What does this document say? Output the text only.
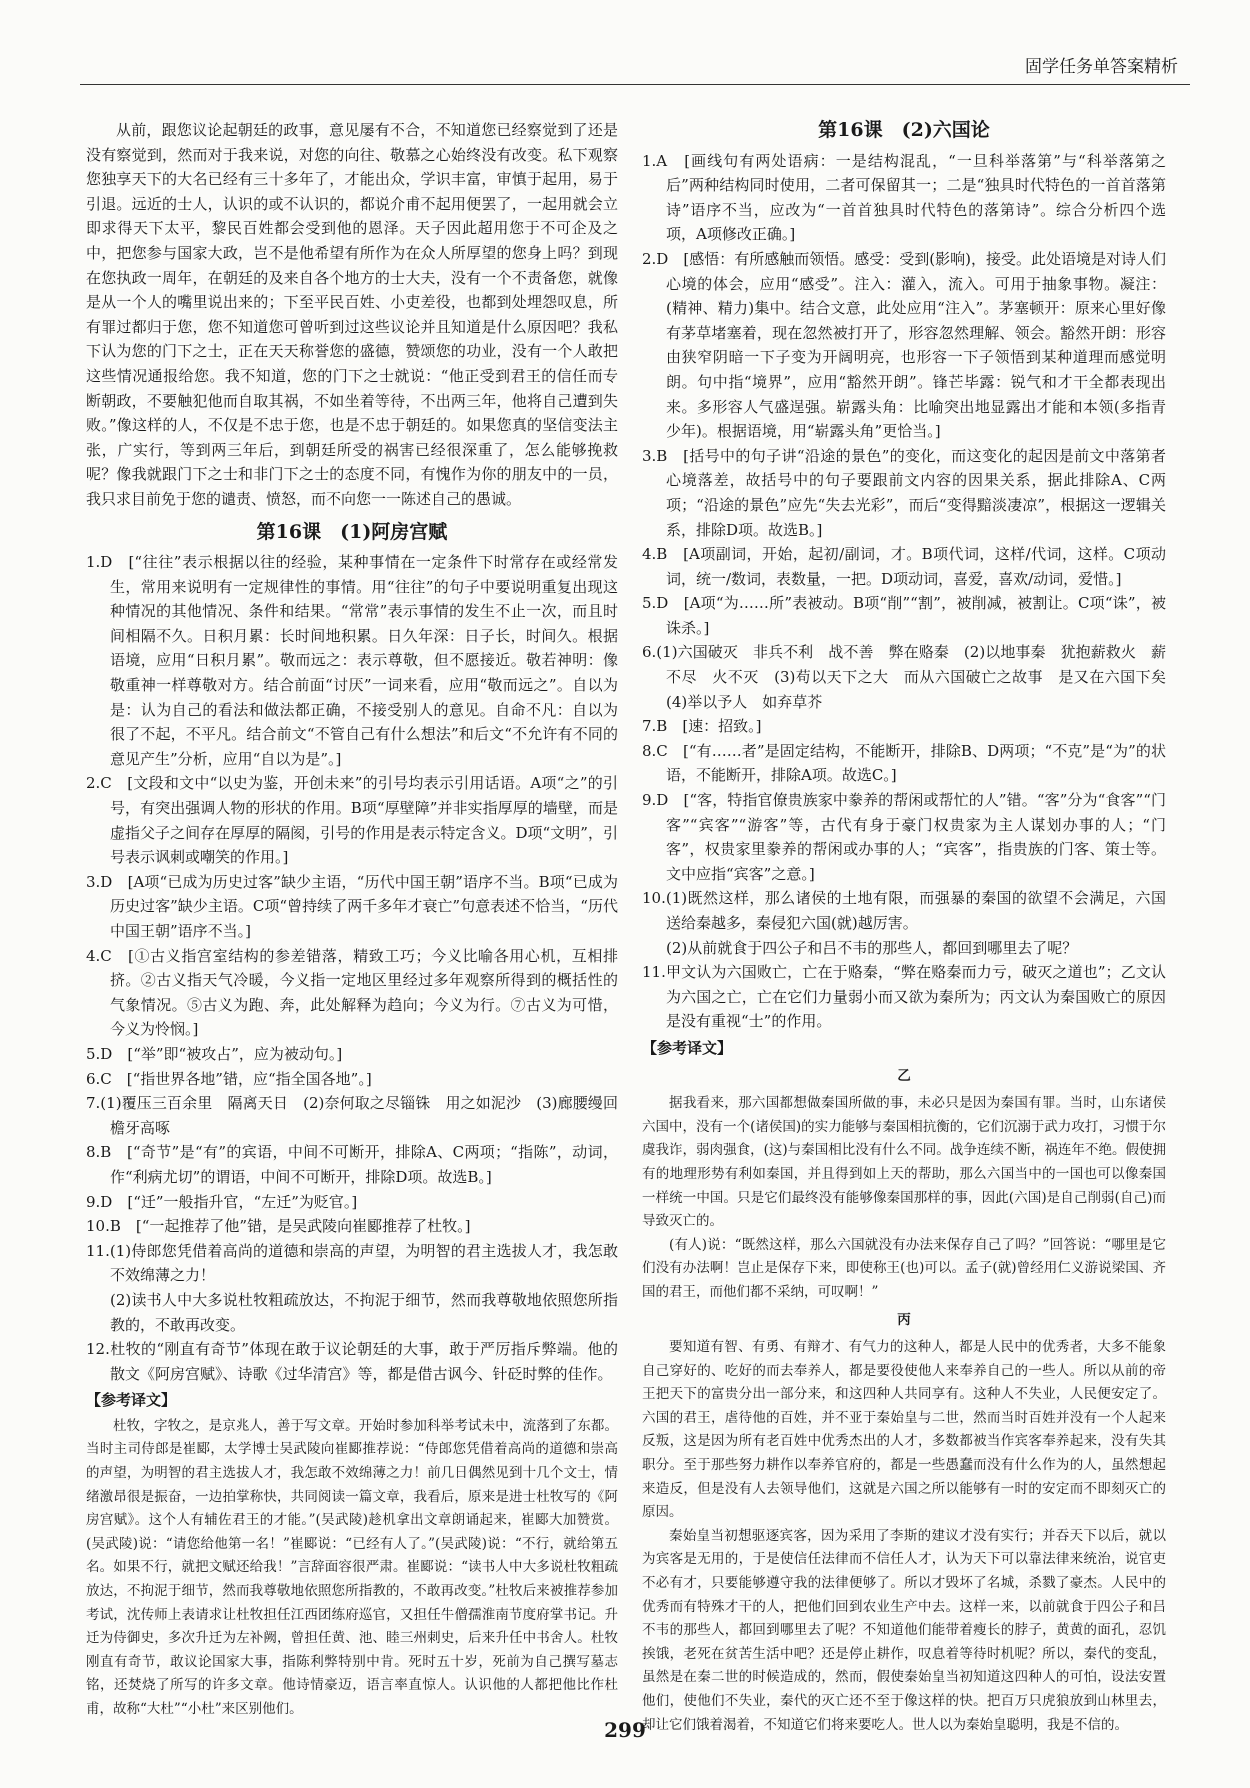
固学任务单答案精析

从前，跟您议论起朝廷的政事，意见屡有不合，不知道您已经察觉到了还是没有察觉到，然而对于我来说，对您的向往、敬慕之心始终没有改变。私下观察您独享天下的大名已经有三十多年了，才能出众，学识丰富，审慎于起用，易于引退。远近的士人，认识的或不认识的，都说介甫不起用便罢了，一起用就会立即求得天下太平，黎民百姓都会受到他的恩泽。天子因此超用您于不可企及之中，把您参与国家大政，岂不是他希望有所作为在众人所厚望的您身上吗？到现在您执政一周年，在朝廷的及来自各个地方的士大夫，没有一个不责备您，就像是从一个人的嘴里说出来的；下至平民百姓、小吏差役，也都到处埋怨叹息，所有罪过都归于您，您不知道您可曾听到过这些议论并且知道是什么原因吧？我私下认为您的门下之士，正在天天称誉您的盛德，赞颂您的功业，没有一个人敢把这些情况通报给您。我不知道，您的门下之士就说：“他正受到君王的信任而专断朝政，不要触犯他而自取其祸，不如坐着等待，不出两三年，他将自己遭到失败。”像这样的人，不仅是不忠于您，也是不忠于朝廷的。如果您真的坚信变法主张，广实行，等到两三年后，到朝廷所受的祸害已经很深重了，怎么能够挽救呢？像我就跟门下之士和非门下之士的态度不同，有愧作为你的朋友中的一员，我只求目前免于您的谴责、愤怒，而不向您一一陈述自己的愚诚。

第16课　(1)阿房宫赋

1.D　[“往往”表示根据以往的经验，某种事情在一定条件下时常存在或经常发生，常用来说明有一定规律性的事情。用“往往”的句子中要说明重复出现这种情况的其他情况、条件和结果。“常常”表示事情的发生不止一次，而且时间相隔不久。日积月累：长时间地积累。日久年深：日子长，时间久。根据语境，应用“日积月累”。敬而远之：表示尊敬，但不愿接近。敬若神明：像敬重神一样尊敬对方。结合前面“讨厌”一词来看，应用“敬而远之”。自以为是：认为自己的看法和做法都正确，不接受别人的意见。自命不凡：自以为很了不起，不平凡。结合前文“不管自己有什么想法”和后文“不允许有不同的意见产生”分析，应用“自以为是”。]

2.C　[文段和文中“以史为鉴，开创未来”的引号均表示引用话语。A项“之”的引号，有突出强调人物的形状的作用。B项“厚壁障”并非实指厚厚的墙壁，而是虚指父子之间存在厚厚的隔阂，引号的作用是表示特定含义。D项“文明”，引号表示讽刺或嘲笑的作用。]

3.D　[A项“已成为历史过客”缺少主语，“历代中国王朝”语序不当。B项“已成为历史过客”缺少主语。C项“曾持续了两千多年才衰亡”句意表述不恰当，“历代中国王朝”语序不当。]

4.C　[①古义指宫室结构的参差错落，精致工巧；今义比喻各用心机，互相排挤。②古义指天气冷暖，今义指一定地区里经过多年观察所得到的概括性的气象情况。⑤古义为跑、奔，此处解释为趋向；今义为行。⑦古义为可惜，今义为怜悯。]

5.D　[“举”即“被攻占”，应为被动句。]

6.C　[“指世界各地”错，应“指全国各地”。]

7.(1)覆压三百余里　隔离天日　(2)奈何取之尽锱铢　用之如泥沙　(3)廊腰缦回　檐牙高啄

8.B　[“奇节”是“有”的宾语，中间不可断开，排除A、C两项；“指陈”，动词，作“利病尤切”的谓语，中间不可断开，排除D项。故选B。]

9.D　[“迁”一般指升官，“左迁”为贬官。]

10.B　[“一起推荐了他”错，是吴武陵向崔郾推荐了杜牧。]

11.(1)侍郎您凭借着高尚的道德和崇高的声望，为明智的君主选拔人才，我怎敢不效绵薄之力！

(2)读书人中大多说杜牧粗疏放达，不拘泥于细节，然而我尊敬地依照您所指教的，不敢再改变。

12.杜牧的“刚直有奇节”体现在敢于议论朝廷的大事，敢于严厉指斥弊端。他的散文《阿房宫赋》、诗歌《过华清宫》等，都是借古讽今、针砭时弊的佳作。

【参考译文】

杜牧，字牧之，是京兆人，善于写文章。开始时参加科举考试未中，流落到了东都。当时主司侍郎是崔郾，太学博士吴武陵向崔郾推荐说：“侍郎您凭借着高尚的道德和崇高的声望，为明智的君主选拔人才，我怎敢不效绵薄之力！前几日偶然见到十几个文士，情绪激昂很是振奋，一边拍掌称快，共同阅读一篇文章，我看后，原来是进士杜牧写的《阿房宫赋》。这个人有辅佐君王的才能。”(吴武陵)趁机拿出文章朗诵起来，崔郾大加赞赏。(吴武陵)说：“请您给他第一名！”崔郾说：“已经有人了。”(吴武陵)说：“不行，就给第五名。如果不行，就把文赋还给我！”言辞面容很严肃。崔郾说：“读书人中大多说杜牧粗疏放达，不拘泥于细节，然而我尊敬地依照您所指教的，不敢再改变。”杜牧后来被推荐参加考试，沈传师上表请求让杜牧担任江西团练府巡官，又担任牛僧孺淮南节度府掌书记。升迁为侍御史，多次升迁为左补阙，曾担任黄、池、睦三州刺史，后来升任中书舍人。杜牧刚直有奇节，敢议论国家大事，指陈利弊特别中肯。死时五十岁，死前为自己撰写墓志铭，还焚烧了所写的许多文章。他诗情豪迈，语言率直惊人。认识他的人都把他比作杜甫，故称“大杜”“小杜”来区别他们。

第16课　(2)六国论

1.A　[画线句有两处语病：一是结构混乱，“一旦科举落第”与“科举落第之后”两种结构同时使用，二者可保留其一；二是“独具时代特色的一首首落第诗”语序不当，应改为“一首首独具时代特色的落第诗”。综合分析四个选项，A项修改正确。]

2.D　[感悟：有所感触而领悟。感受：受到(影响)，接受。此处语境是对诗人们心境的体会，应用“感受”。注入：灌入，流入。可用于抽象事物。凝注：(精神、精力)集中。结合文意，此处应用“注入”。茅塞顿开：原来心里好像有茅草堵塞着，现在忽然被打开了，形容忽然理解、领会。豁然开朗：形容由狭窄阴暗一下子变为开阔明亮，也形容一下子领悟到某种道理而感觉明朗。句中指“境界”，应用“豁然开朗”。锋芒毕露：锐气和才干全都表现出来。多形容人气盛逞强。崭露头角：比喻突出地显露出才能和本领(多指青少年)。根据语境，用“崭露头角”更恰当。]

3.B　[括号中的句子讲“沿途的景色”的变化，而这变化的起因是前文中落第者心境落差，故括号中的句子要跟前文内容的因果关系，据此排除A、C两项；“沿途的景色”应先“失去光彩”，而后“变得黯淡凄凉”，根据这一逻辑关系，排除D项。故选B。]

4.B　[A项副词，开始，起初/副词，才。B项代词，这样/代词，这样。C项动词，统一/数词，表数量，一把。D项动词，喜爱，喜欢/动词，爱惜。]

5.D　[A项“为……所”表被动。B项“削”“割”，被削减，被割让。C项“诛”，被诛杀。]

6.(1)六国破灭　非兵不利　战不善　弊在赂秦　(2)以地事秦　犹抱薪救火　薪不尽　火不灭　(3)苟以天下之大　而从六国破亡之故事　是又在六国下矣　(4)举以予人　如弃草芥

7.B　[速：招致。]

8.C　[“有……者”是固定结构，不能断开，排除B、D两项；“不克”是“为”的状语，不能断开，排除A项。故选C。]

9.D　[“客，特指官僚贵族家中豢养的帮闲或帮忙的人”错。“客”分为“食客”“门客”“宾客”“游客”等，古代有身于豪门权贵家为主人谋划办事的人；“门客”，权贵家里豢养的帮闲或办事的人；“宾客”，指贵族的门客、策士等。文中应指“宾客”之意。]

10.(1)既然这样，那么诸侯的土地有限，而强暴的秦国的欲望不会满足，六国送给秦越多，秦侵犯六国(就)越厉害。

(2)从前就食于四公子和吕不韦的那些人，都回到哪里去了呢？

11.甲文认为六国败亡，亡在于赂秦，“弊在赂秦而力亏，破灭之道也”；乙文认为六国之亡，亡在它们力量弱小而又欲为秦所为；丙文认为秦国败亡的原因是没有重视“士”的作用。

【参考译文】
乙

据我看来，那六国都想做秦国所做的事，未必只是因为秦国有罪。当时，山东诸侯六国中，没有一个(诸侯国)的实力能够与秦国相抗衡的，它们沉溺于武力攻打，习惯于尔虞我诈，弱肉强食，(这)与秦国相比没有什么不同。战争连续不断，祸连年不绝。假使拥有的地理形势有利如秦国，并且得到如上天的帮助，那么六国当中的一国也可以像秦国一样统一中国。只是它们最终没有能够像秦国那样的事，因此(六国)是自己削弱(自己)而导致灭亡的。

(有人)说：“既然这样，那么六国就没有办法来保存自己了吗？”回答说：“哪里是它们没有办法啊！岂止是保存下来，即使称王(也)可以。孟子(就)曾经用仁义游说梁国、齐国的君王，而他们都不采纳，可叹啊！”

丙

要知道有智、有勇、有辩才、有气力的这种人，都是人民中的优秀者，大多不能象自己穿好的、吃好的而去奉养人，都是要役使他人来奉养自己的一些人。所以从前的帝王把天下的富贵分出一部分来，和这四种人共同享有。这种人不失业，人民便安定了。六国的君王，虐待他的百姓，并不亚于秦始皇与二世，然而当时百姓并没有一个人起来反叛，这是因为所有老百姓中优秀杰出的人才，多数都被当作宾客奉养起来，没有失其职分。至于那些努力耕作以奉养官府的，都是一些愚蠢而没有什么作为的人，虽然想起来造反，但是没有人去领导他们，这就是六国之所以能够有一时的安定而不即刻灭亡的原因。

秦始皇当初想驱逐宾客，因为采用了李斯的建议才没有实行；并吞天下以后，就以为宾客是无用的，于是使信任法律而不信任人才，认为天下可以靠法律来统治，说官吏不必有才，只要能够遵守我的法律便够了。所以才毁坏了名城，杀戮了豪杰。人民中的优秀而有特殊才干的人，把他们回到农业生产中去。这样一来，以前就食于四公子和吕不韦的那些人，都回到哪里去了呢？不知道他们能带着瘦长的脖子，黄黄的面孔，忍饥挨饿，老死在贫苦生活中吧？还是停止耕作，叹息着等待时机呢？所以，秦代的变乱，虽然是在秦二世的时候造成的，然而，假使秦始皇当初知道这四种人的可怕，设法安置他们，使他们不失业，秦代的灭亡还不至于像这样的快。把百万只虎狼放到山林里去，却让它们饿着渴着，不知道它们将来要吃人。世人以为秦始皇聪明，我是不信的。

299
